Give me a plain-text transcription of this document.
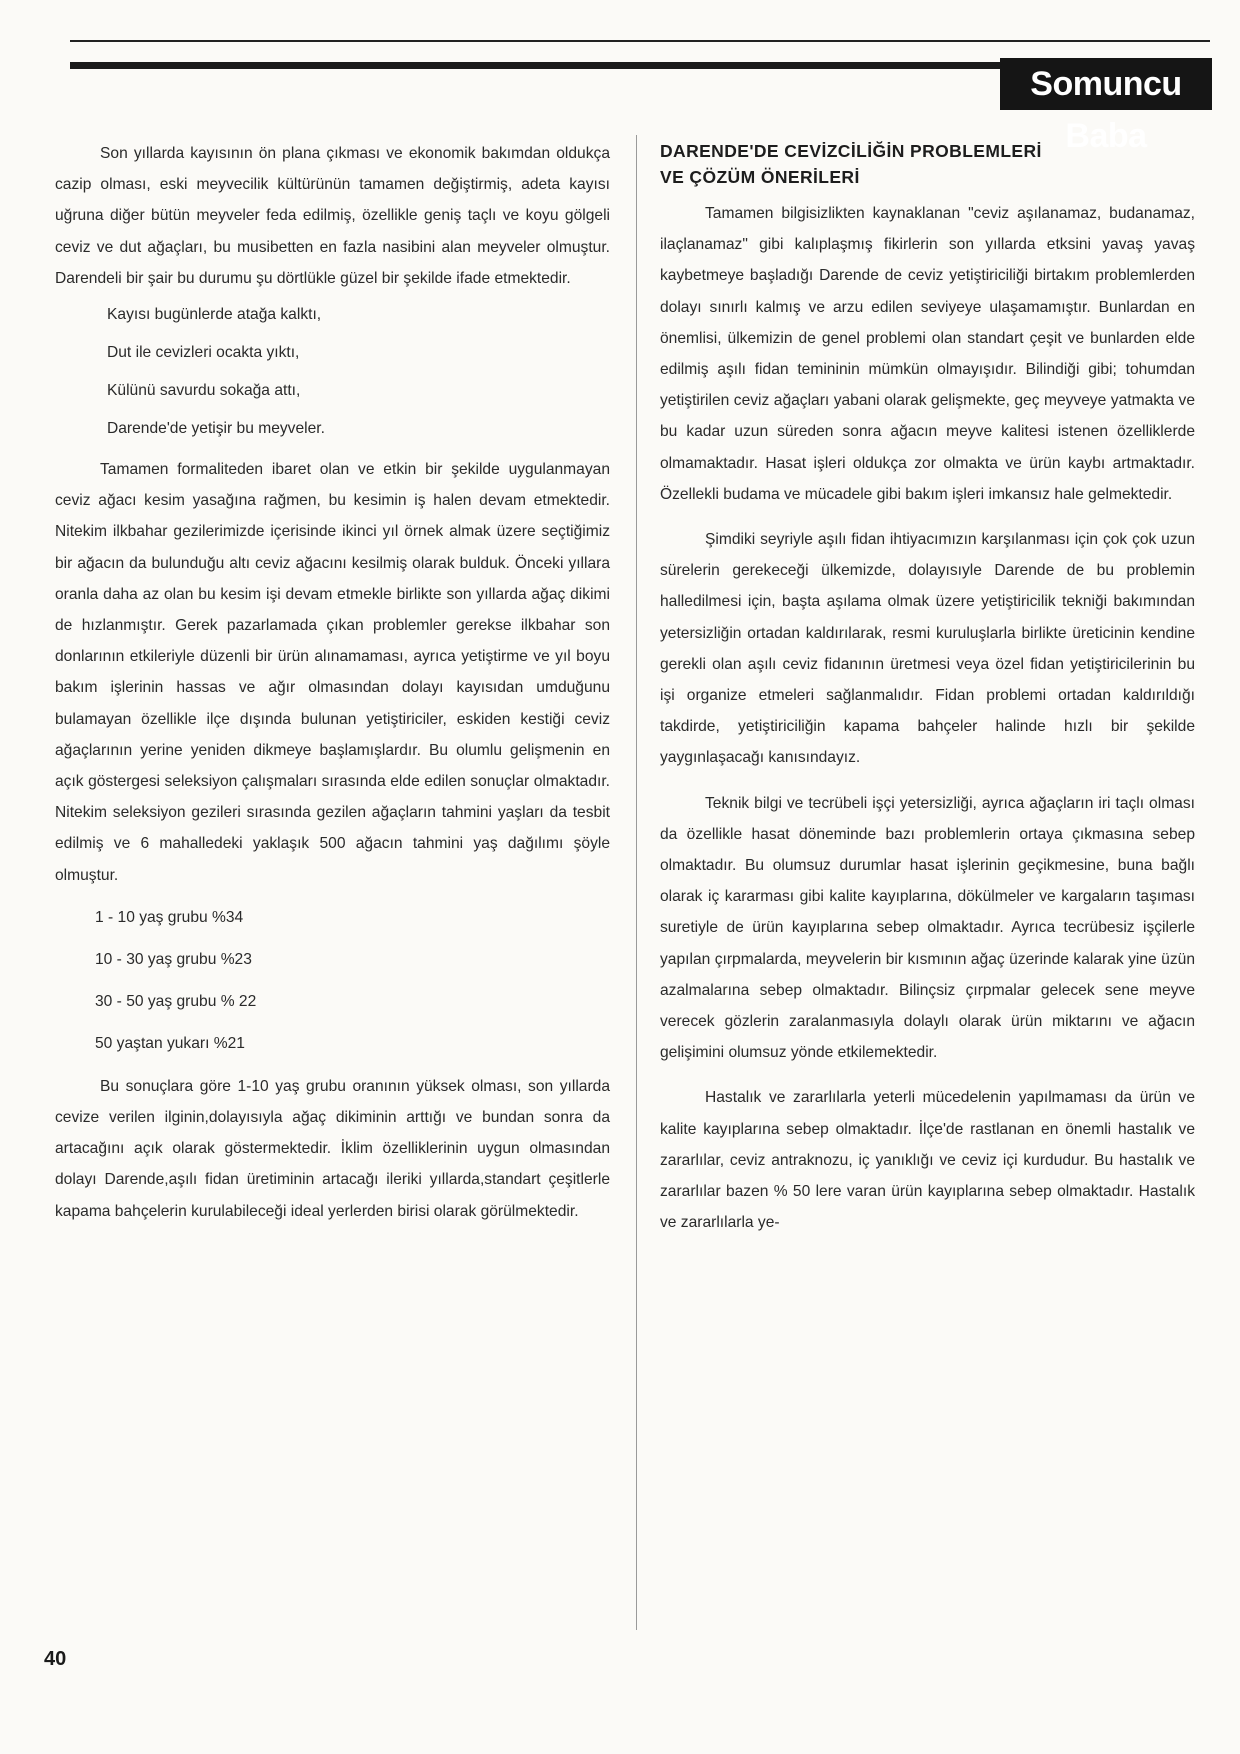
Somuncu Baba

Son yıllarda kayısının ön plana çıkması ve ekonomik bakımdan oldukça cazip olması, eski meyvecilik kültürünün tamamen değiştirmiş, adeta kayısı uğruna diğer bütün meyveler feda edilmiş, özellikle geniş taçlı ve koyu gölgeli ceviz ve dut ağaçları, bu musibetten en fazla nasibini alan meyveler olmuştur. Darendeli bir şair bu durumu şu dörtlükle güzel bir şekilde ifade etmektedir.

Kayısı bugünlerde atağa kalktı,
Dut ile cevizleri ocakta yıktı,
Külünü savurdu sokağa attı,
Darende'de yetişir bu meyveler.

Tamamen formaliteden ibaret olan ve etkin bir şekilde uygulanmayan ceviz ağacı kesim yasağına rağmen, bu kesimin iş halen devam etmektedir. Nitekim ilkbahar gezilerimizde içerisinde ikinci yıl örnek almak üzere seçtiğimiz bir ağacın da bulunduğu altı ceviz ağacını kesilmiş olarak bulduk. Önceki yıllara oranla daha az olan bu kesim işi devam etmekle birlikte son yıllarda ağaç dikimi de hızlanmıştır. Gerek pazarlamada çıkan problemler gerekse ilkbahar son donlarının etkileriyle düzenli bir ürün alınamaması, ayrıca yetiştirme ve yıl boyu bakım işlerinin hassas ve ağır olmasından dolayı kayısıdan umduğunu bulamayan özellikle ilçe dışında bulunan yetiştiriciler, eskiden kestiği ceviz ağaçlarının yerine yeniden dikmeye başlamışlardır. Bu olumlu gelişmenin en açık göstergesi seleksiyon çalışmaları sırasında elde edilen sonuçlar olmaktadır. Nitekim seleksiyon gezileri sırasında gezilen ağaçların tahmini yaşları da tesbit edilmiş ve 6 mahalledeki yaklaşık 500 ağacın tahmini yaş dağılımı şöyle olmuştur.

1 - 10 yaş grubu %34
10 - 30 yaş grubu %23
30 - 50 yaş grubu % 22
50 yaştan yukarı %21

Bu sonuçlara göre 1-10 yaş grubu oranının yüksek olması, son yıllarda cevize verilen ilginin,dolayısıyla ağaç dikiminin arttığı ve bundan sonra da artacağını açık olarak göstermektedir. İklim özelliklerinin uygun olmasından dolayı Darende,aşılı fidan üretiminin artacağı ileriki yıllarda,standart çeşitlerle kapama bahçelerin kurulabileceği ideal yerlerden birisi olarak görülmektedir.

DARENDE'DE CEVİZCİLİĞİN PROBLEMLERİ
VE ÇÖZÜM ÖNERİLERİ

Tamamen bilgisizlikten kaynaklanan "ceviz aşılanamaz, budanamaz, ilaçlanamaz" gibi kalıplaşmış fikirlerin son yıllarda etksini yavaş yavaş kaybetmeye başladığı Darende de ceviz yetiştiriciliği birtakım problemlerden dolayı sınırlı kalmış ve arzu edilen seviyeye ulaşamamıştır. Bunlardan en önemlisi, ülkemizin de genel problemi olan standart çeşit ve bunlarden elde edilmiş aşılı fidan temininin mümkün olmayışıdır. Bilindiği gibi; tohumdan yetiştirilen ceviz ağaçları yabani olarak gelişmekte, geç meyveye yatmakta ve bu kadar uzun süreden sonra ağacın meyve kalitesi istenen özelliklerde olmamaktadır. Hasat işleri oldukça zor olmakta ve ürün kaybı artmaktadır. Özellekli budama ve mücadele gibi bakım işleri imkansız hale gelmektedir.

Şimdiki seyriyle aşılı fidan ihtiyacımızın karşılanması için çok çok uzun sürelerin gerekeceği ülkemizde, dolayısıyle Darende de bu problemin halledilmesi için, başta aşılama olmak üzere yetiştiricilik tekniği bakımından yetersizliğin ortadan kaldırılarak, resmi kuruluşlarla birlikte üreticinin kendine gerekli olan aşılı ceviz fidanının üretmesi veya özel fidan yetiştiricilerinin bu işi organize etmeleri sağlanmalıdır. Fidan problemi ortadan kaldırıldığı takdirde, yetiştiriciliğin kapama bahçeler halinde hızlı bir şekilde yaygınlaşacağı kanısındayız.

Teknik bilgi ve tecrübeli işçi yetersizliği, ayrıca ağaçların iri taçlı olması da özellikle hasat döneminde bazı problemlerin ortaya çıkmasına sebep olmaktadır. Bu olumsuz durumlar hasat işlerinin geçikmesine, buna bağlı olarak iç kararması gibi kalite kayıplarına, dökülmeler ve kargaların taşıması suretiyle de ürün kayıplarına sebep olmaktadır. Ayrıca tecrübesiz işçilerle yapılan çırpmalarda, meyvelerin bir kısmının ağaç üzerinde kalarak yine üzün azalmalarına sebep olmaktadır. Bilinçsiz çırpmalar gelecek sene meyve verecek gözlerin zaralanmasıyla dolaylı olarak ürün miktarını ve ağacın gelişimini olumsuz yönde etkilemektedir.

Hastalık ve zararlılarla yeterli mücedelenin yapılmaması da ürün ve kalite kayıplarına sebep olmaktadır. İlçe'de rastlanan en önemli hastalık ve zararlılar, ceviz antraknozu, iç yanıklığı ve ceviz içi kurdudur. Bu hastalık ve zararlılar bazen % 50 lere varan ürün kayıplarına sebep olmaktadır. Hastalık ve zararlılarla ye-

40
